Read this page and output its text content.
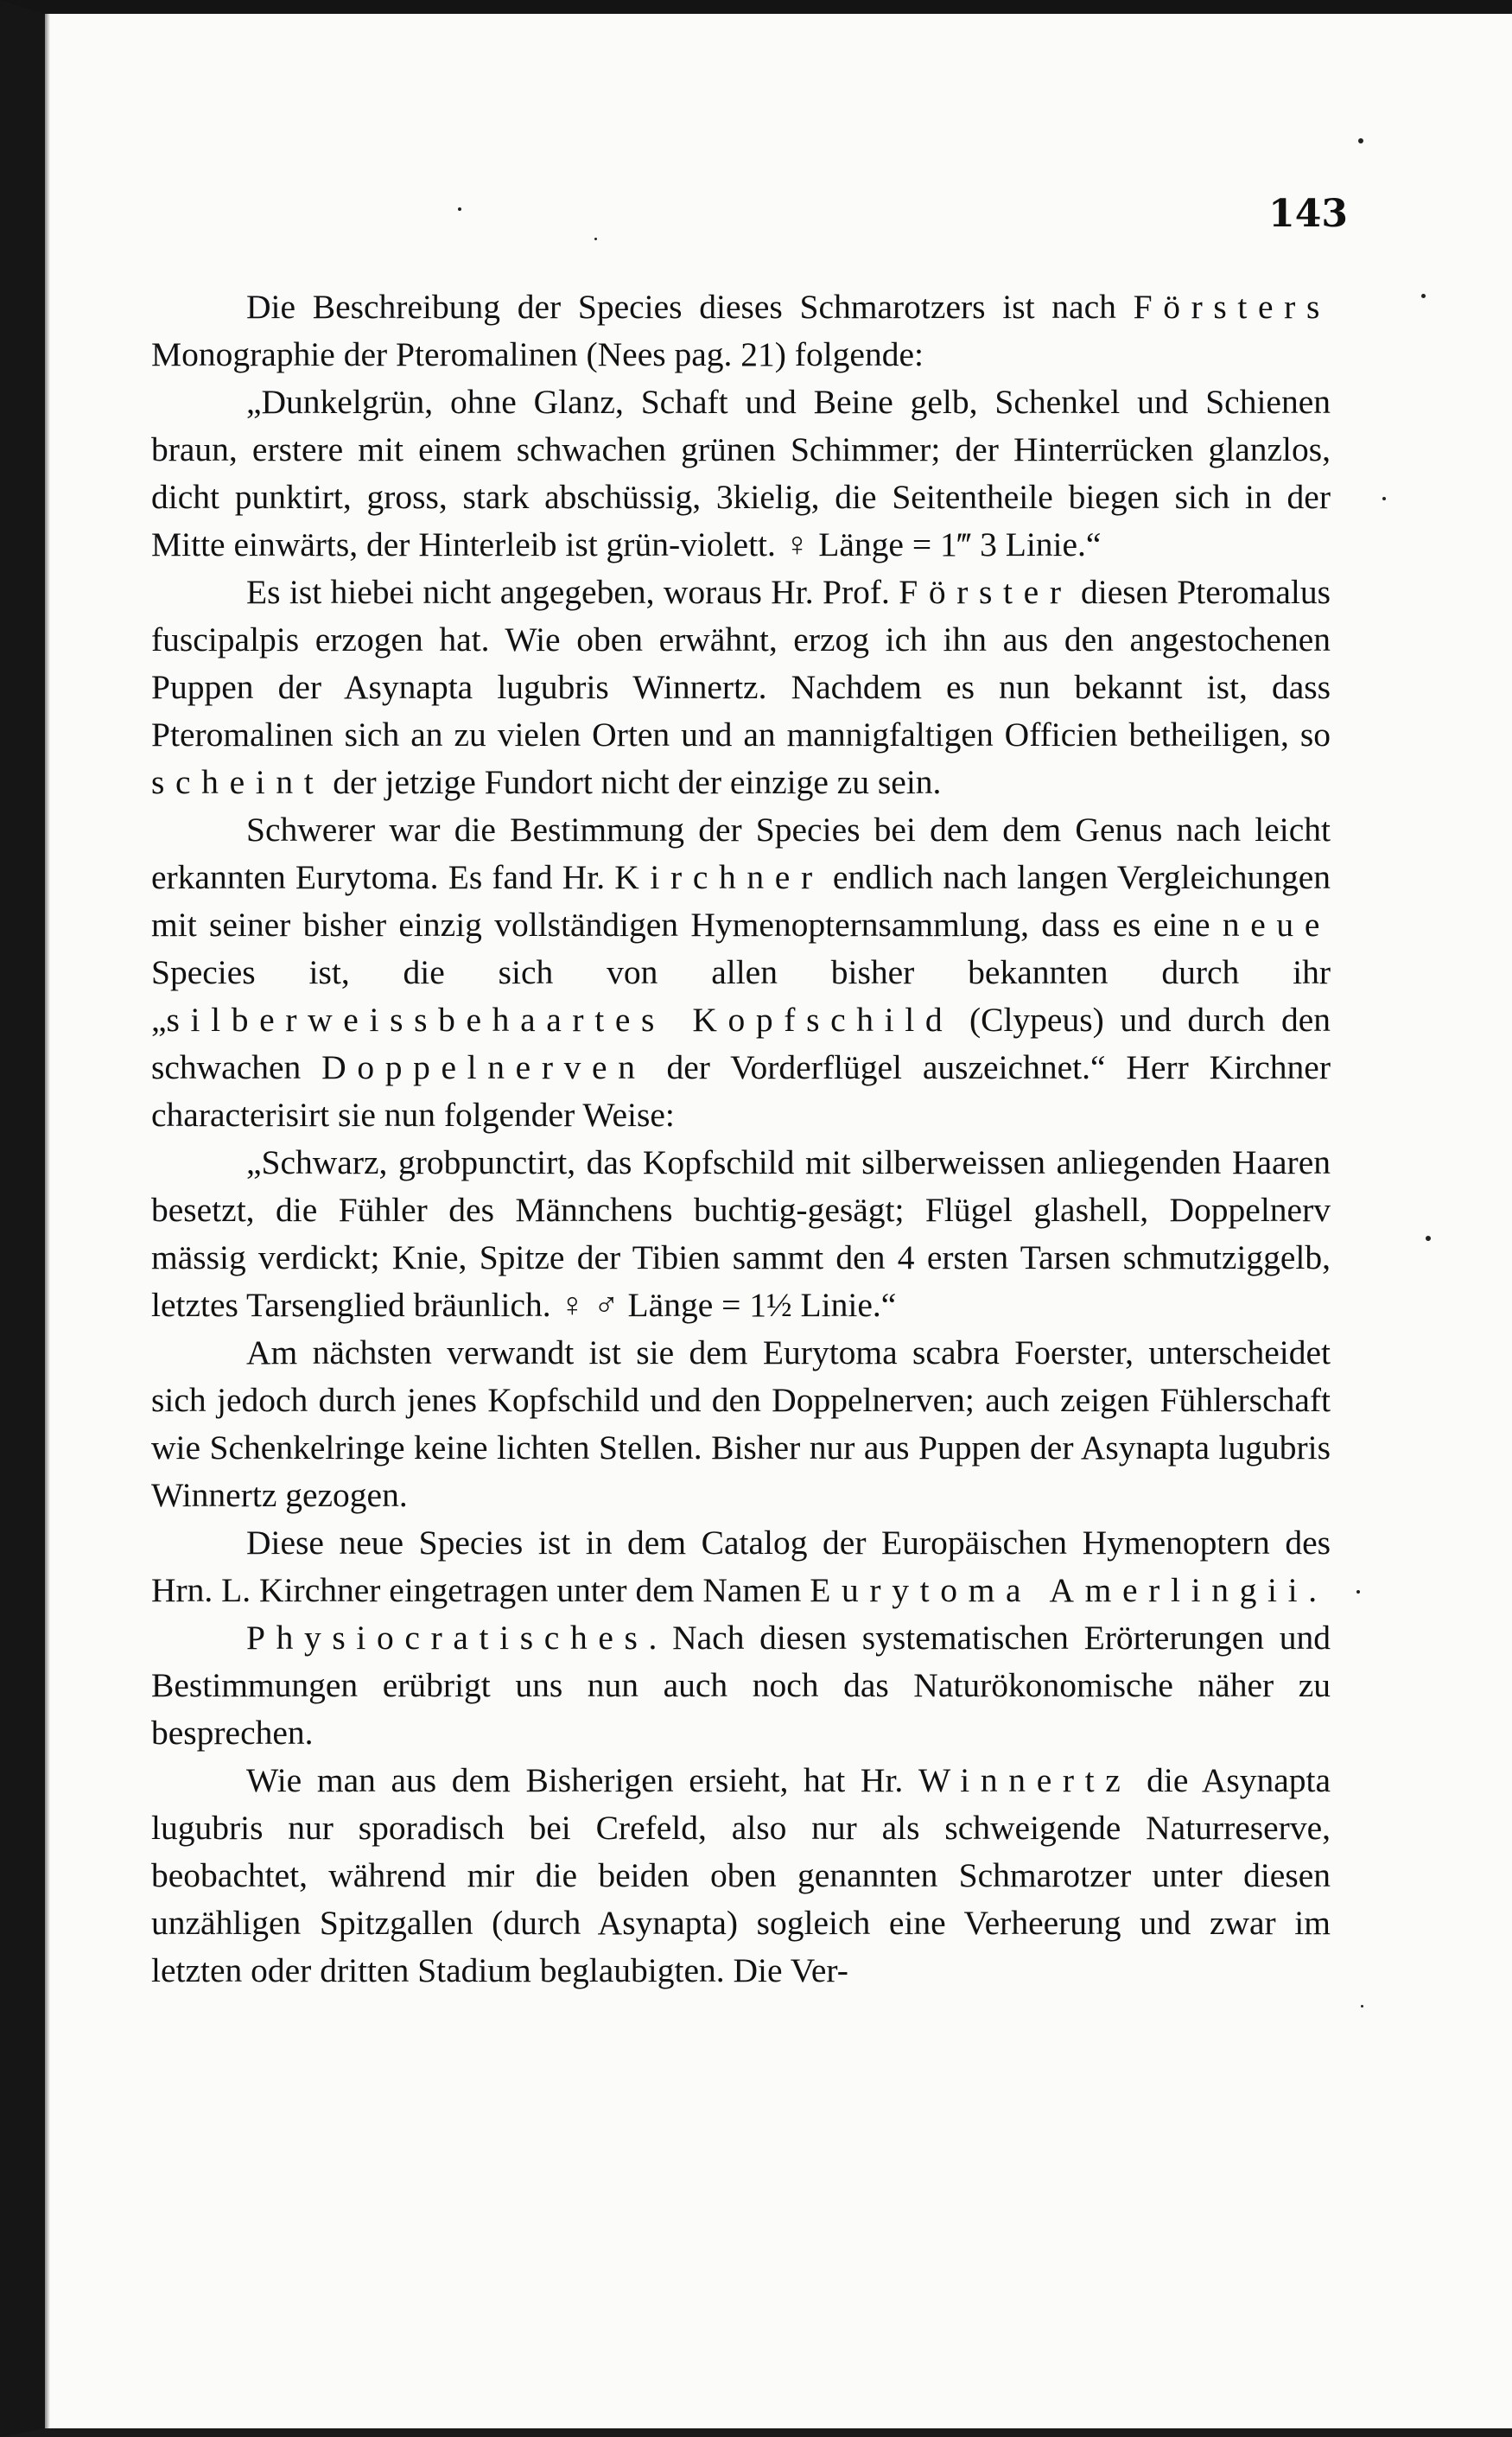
143

Die Beschreibung der Species dieses Schmarotzers ist nach Försters Monographie der Pteromalinen (Nees pag. 21) folgende:

„Dunkelgrün, ohne Glanz, Schaft und Beine gelb, Schenkel und Schienen braun, erstere mit einem schwachen grünen Schimmer; der Hinterrücken glanzlos, dicht punktirt, gross, stark abschüssig, 3kielig, die Seitentheile biegen sich in der Mitte einwärts, der Hinterleib ist grün-violett. ♀ Länge = 1‴ 3 Linie.“

Es ist hiebei nicht angegeben, woraus Hr. Prof. Förster diesen Pteromalus fuscipalpis erzogen hat. Wie oben erwähnt, erzog ich ihn aus den angestochenen Puppen der Asynapta lugubris Winnertz. Nachdem es nun bekannt ist, dass Pteromalinen sich an zu vielen Orten und an mannigfaltigen Officien betheiligen, so scheint der jetzige Fundort nicht der einzige zu sein.

Schwerer war die Bestimmung der Species bei dem dem Genus nach leicht erkannten Eurytoma. Es fand Hr. Kirchner endlich nach langen Vergleichungen mit seiner bisher einzig vollständigen Hymenopternsammlung, dass es eine neue Species ist, die sich von allen bisher bekannten durch ihr „silberweissbehaartes Kopfschild (Clypeus) und durch den schwachen Doppelnerven der Vorderflügel auszeichnet.“ Herr Kirchner characterisirt sie nun folgender Weise:

„Schwarz, grobpunctirt, das Kopfschild mit silberweissen anliegenden Haaren besetzt, die Fühler des Männchens buchtig-gesägt; Flügel glashell, Doppelnerv mässig verdickt; Knie, Spitze der Tibien sammt den 4 ersten Tarsen schmutziggelb, letztes Tarsenglied bräunlich. ♀ ♂ Länge = 1½ Linie.“

Am nächsten verwandt ist sie dem Eurytoma scabra Foerster, unterscheidet sich jedoch durch jenes Kopfschild und den Doppelnerven; auch zeigen Fühlerschaft wie Schenkelringe keine lichten Stellen. Bisher nur aus Puppen der Asynapta lugubris Winnertz gezogen.

Diese neue Species ist in dem Catalog der Europäischen Hymenoptern des Hrn. L. Kirchner eingetragen unter dem Namen Eurytoma Amerlingii.

Physiocratisches. Nach diesen systematischen Erörterungen und Bestimmungen erübrigt uns nun auch noch das Naturökonomische näher zu besprechen.

Wie man aus dem Bisherigen ersieht, hat Hr. Winnertz die Asynapta lugubris nur sporadisch bei Crefeld, also nur als schweigende Naturreserve, beobachtet, während mir die beiden oben genannten Schmarotzer unter diesen unzähligen Spitzgallen (durch Asynapta) sogleich eine Verheerung und zwar im letzten oder dritten Stadium beglaubigten. Die Ver-
